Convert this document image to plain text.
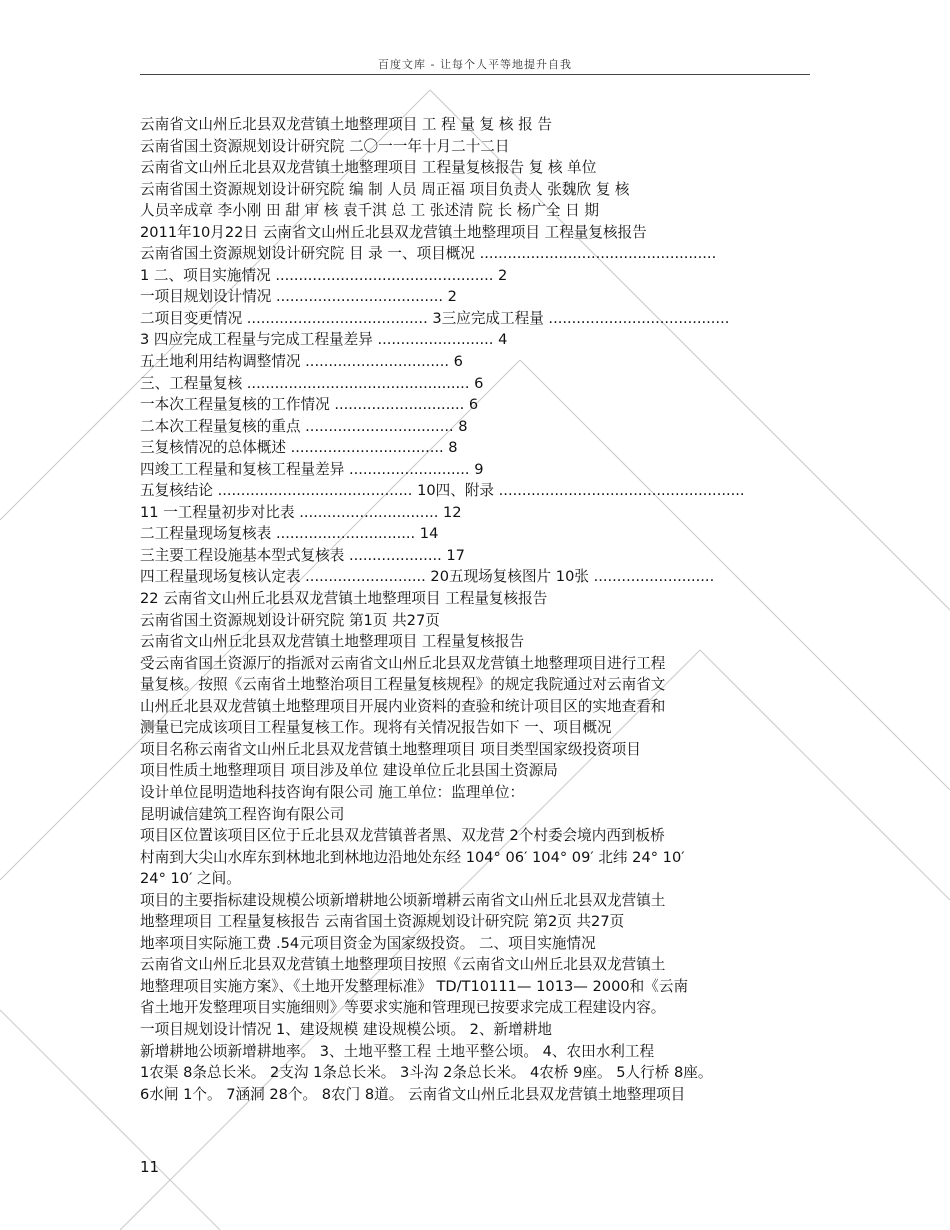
百度文库 - 让每个人平等地提升自我
云南省文山州丘北县双龙营镇土地整理项目 工 程 量 复 核 报 告
云南省国土资源规划设计研究院 二〇一一年十月二十二日
云南省文山州丘北县双龙营镇土地整理项目 工程量复核报告 复 核 单位
云南省国土资源规划设计研究院 编 制 人员 周正福 项目负责人 张魏欣 复 核
人员辛成章 李小刚 田 甜 审 核 袁千淇 总 工 张述清 院 长 杨广全 日 期
2011年10月22日 云南省文山州丘北县双龙营镇土地整理项目 工程量复核报告
云南省国土资源规划设计研究院 目 录 一、项目概况 ...................................................
1 二、项目实施情况 ............................................... 2
一项目规划设计情况 .................................... 2
二项目变更情况 ....................................... 3三应完成工程量 .......................................
3 四应完成工程量与完成工程量差异 ......................... 4
五土地利用结构调整情况 ............................... 6
三、工程量复核 ................................................ 6
一本次工程量复核的工作情况 ............................ 6
二本次工程量复核的重点 ................................ 8
三复核情况的总体概述 ................................. 8
四竣工工程量和复核工程量差异 .......................... 9
五复核结论 .......................................... 10四、附录 .....................................................
11 一工程量初步对比表 .............................. 12
二工程量现场复核表 .............................. 14
三主要工程设施基本型式复核表 .................... 17
四工程量现场复核认定表 .......................... 20五现场复核图片 10张 ..........................
22 云南省文山州丘北县双龙营镇土地整理项目 工程量复核报告
云南省国土资源规划设计研究院 第1页 共27页
云南省文山州丘北县双龙营镇土地整理项目 工程量复核报告
受云南省国土资源厅的指派对云南省文山州丘北县双龙营镇土地整理项目进行工程
量复核。按照《云南省土地整治项目工程量复核规程》的规定我院通过对云南省文
山州丘北县双龙营镇土地整理项目开展内业资料的查验和统计项目区的实地查看和
测量已完成该项目工程量复核工作。现将有关情况报告如下 一、项目概况
项目名称云南省文山州丘北县双龙营镇土地整理项目 项目类型国家级投资项目
项目性质土地整理项目 项目涉及单位 建设单位丘北县国土资源局
设计单位昆明造地科技咨询有限公司 施工单位：监理单位：
昆明诚信建筑工程咨询有限公司
项目区位置该项目区位于丘北县双龙营镇普者黑、双龙营 2个村委会境内西到板桥
村南到大尖山水库东到林地北到林地边沿地处东经 104° 06′ 104° 09′ 北纬 24° 10′
24° 10′ 之间。
项目的主要指标建设规模公顷新增耕地公顷新增耕云南省文山州丘北县双龙营镇土
地整理项目 工程量复核报告 云南省国土资源规划设计研究院 第2页 共27页
地率项目实际施工费 .54元项目资金为国家级投资。 二、项目实施情况
云南省文山州丘北县双龙营镇土地整理项目按照《云南省文山州丘北县双龙营镇土
地整理项目实施方案》、《土地开发整理标准》 TD/T10111— 1013— 2000和《云南
省土地开发整理项目实施细则》等要求实施和管理现已按要求完成工程建设内容。
一项目规划设计情况 1、建设规模 建设规模公顷。 2、新增耕地
新增耕地公顷新增耕地率。 3、土地平整工程 土地平整公顷。 4、农田水利工程
1农渠 8条总长米。 2支沟 1条总长米。 3斗沟 2条总长米。 4农桥 9座。 5人行桥 8座。
6水闸 1个。 7涵洞 28个。 8农门 8道。 云南省文山州丘北县双龙营镇土地整理项目
11
